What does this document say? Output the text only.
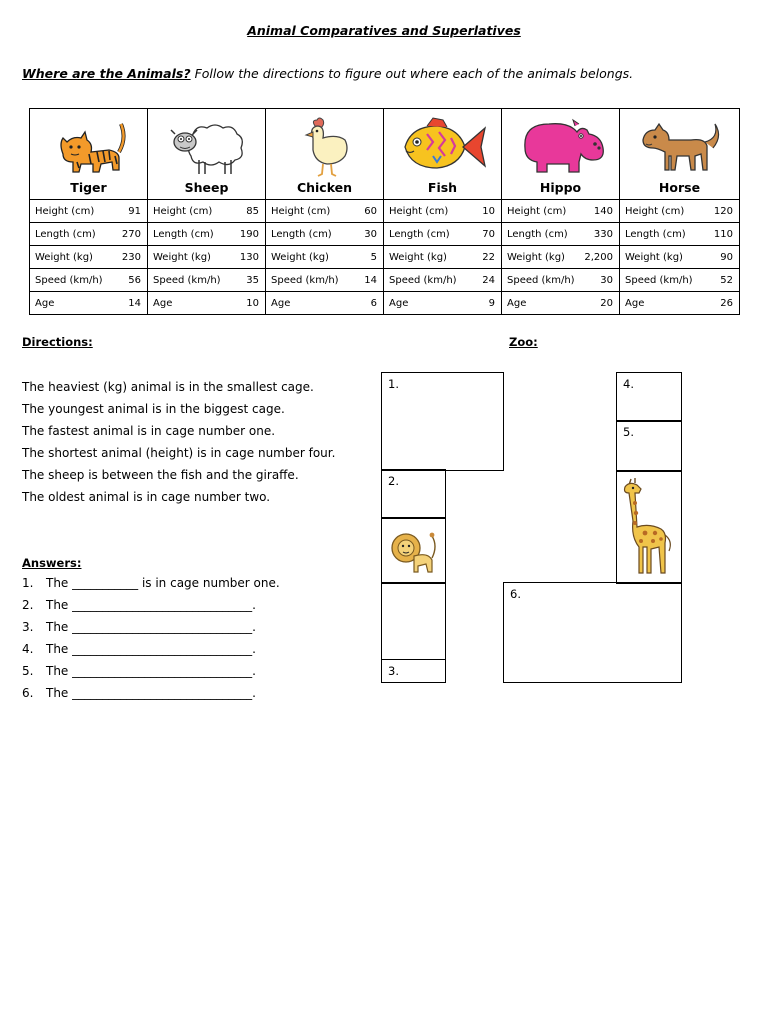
Animal Comparatives and Superlatives
Where are the Animals? Follow the directions to figure out where each of the animals belongs.
Tiger	Sheep	Chicken	Fish	Hippo	Horse

Height (cm) 91	Height (cm) 85	Height (cm) 60	Height (cm) 10	Height (cm) 140	Height (cm) 120

Length (cm) 270	Length (cm) 190	Length (cm) 30	Length (cm) 70	Length (cm) 330	Length (cm) 110

Weight (kg) 230	Weight (kg) 130	Weight (kg) 5	Weight (kg) 22	Weight (kg) 2,200	Weight (kg) 90

Speed (km/h) 56	Speed (km/h) 35	Speed (km/h) 14	Speed (km/h) 24	Speed (km/h) 30	Speed (km/h) 52

Age 14	Age 10	Age 6	Age 9	Age 20	Age 26
Directions:	Zoo:
The heaviest (kg) animal is in the smallest cage.
The youngest animal is in the biggest cage.
The fastest animal is in cage number one.
The shortest animal (height) is in cage number four.
The sheep is between the fish and the giraffe.
The oldest animal is in cage number two.
Answers:
1.	The ___________ is in cage number one.
2.	The ______________________________.
3.	The ______________________________.
4.	The ______________________________.
5.	The ______________________________.
6.	The ______________________________.
1.
2.
3.
4.
5.
6.
